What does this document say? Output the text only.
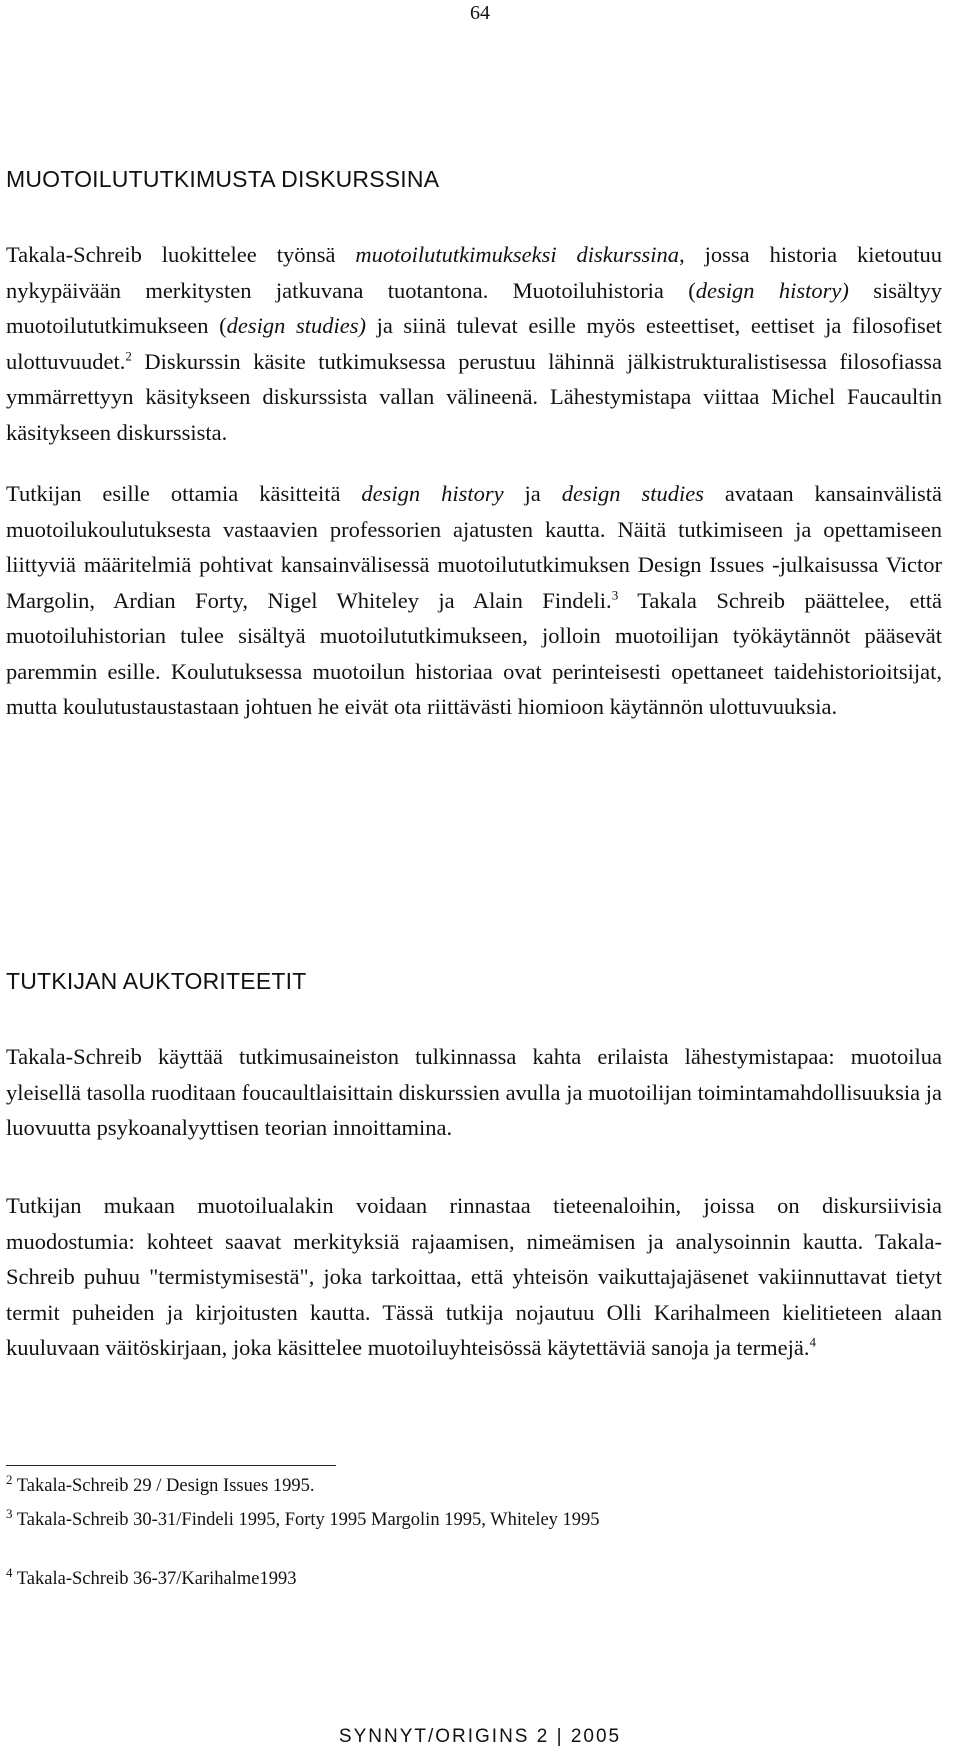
64
MUOTOILUTUTKIMUSTA DISKURSSINA

Takala-Schreib luokittelee työnsä muotoilututkimukseksi diskurssina, jossa historia kietoutuu nykypäivään merkitysten jatkuvana tuotantona. Muotoiluhistoria (design history) sisältyy muotoilututkimukseen (design studies) ja siinä tulevat esille myös esteettiset, eettiset ja filosofiset ulottuvuudet.$^2$ Diskurssin käsite tutkimuksessa perustuu lähinnä jälkistrukturalistisessa filosofiassa ymmärrettyyn käsitykseen diskurssista vallan välineenä. Lähestymistapa viittaa Michel Faucaultin käsitykseen diskurssista.

Tutkijan esille ottamia käsitteitä design history ja design studies avataan kansainvälistä muotoilukoulutuksesta vastaavien professorien ajatusten kautta. Näitä tutkimiseen ja opettamiseen liittyviä määritelmiä pohtivat kansainvälisessä muotoilututkimuksen Design Issues -julkaisussa Victor Margolin, Ardian Forty, Nigel Whiteley ja Alain Findeli.$^3$ Takala Schreib päättelee, että muotoiluhistorian tulee sisältyä muotoilututkimukseen, jolloin muotoilijan työkäytännöt pääsevät paremmin esille. Koulutuksessa muotoilun historiaa ovat perinteisesti opettaneet taidehistorioitsijat, mutta koulutustaustastaan johtuen he eivät ota riittävästi hiomioon käytännön ulottuvuuksia.

TUTKIJAN AUKTORITEETIT

Takala-Schreib käyttää tutkimusaineiston tulkinnassa kahta erilaista lähestymistapaa: muotoilua yleisellä tasolla ruoditaan foucaultlaisittain diskurssien avulla ja muotoilijan toimintamahdollisuuksia ja luovuutta psykoanalyyttisen teorian innoittamina.

Tutkijan mukaan muotoilualakin voidaan rinnastaa tieteenaloihin, joissa on diskursiivisia muodostumia: kohteet saavat merkityksiä rajaamisen, nimeämisen ja analysoinnin kautta. Takala-Schreib puhuu "termistymisestä", joka tarkoittaa, että yhteisön vaikuttajajäsenet vakiinnuttavat tietyt termit puheiden ja kirjoitusten kautta. Tässä tutkija nojautuu Olli Karihalmeen kielitieteen alaan kuuluvaan väitöskirjaan, joka käsittelee muotoiluyhteisössä käytettäviä sanoja ja termejä.$^4$

$^2$ Takala-Schreib 29 / Design Issues 1995.
$^3$ Takala-Schreib 30-31/Findeli 1995, Forty 1995 Margolin 1995, Whiteley 1995
$^4$ Takala-Schreib 36-37/Karihalme1993
SYNNYT/ORIGINS 2 | 2005
